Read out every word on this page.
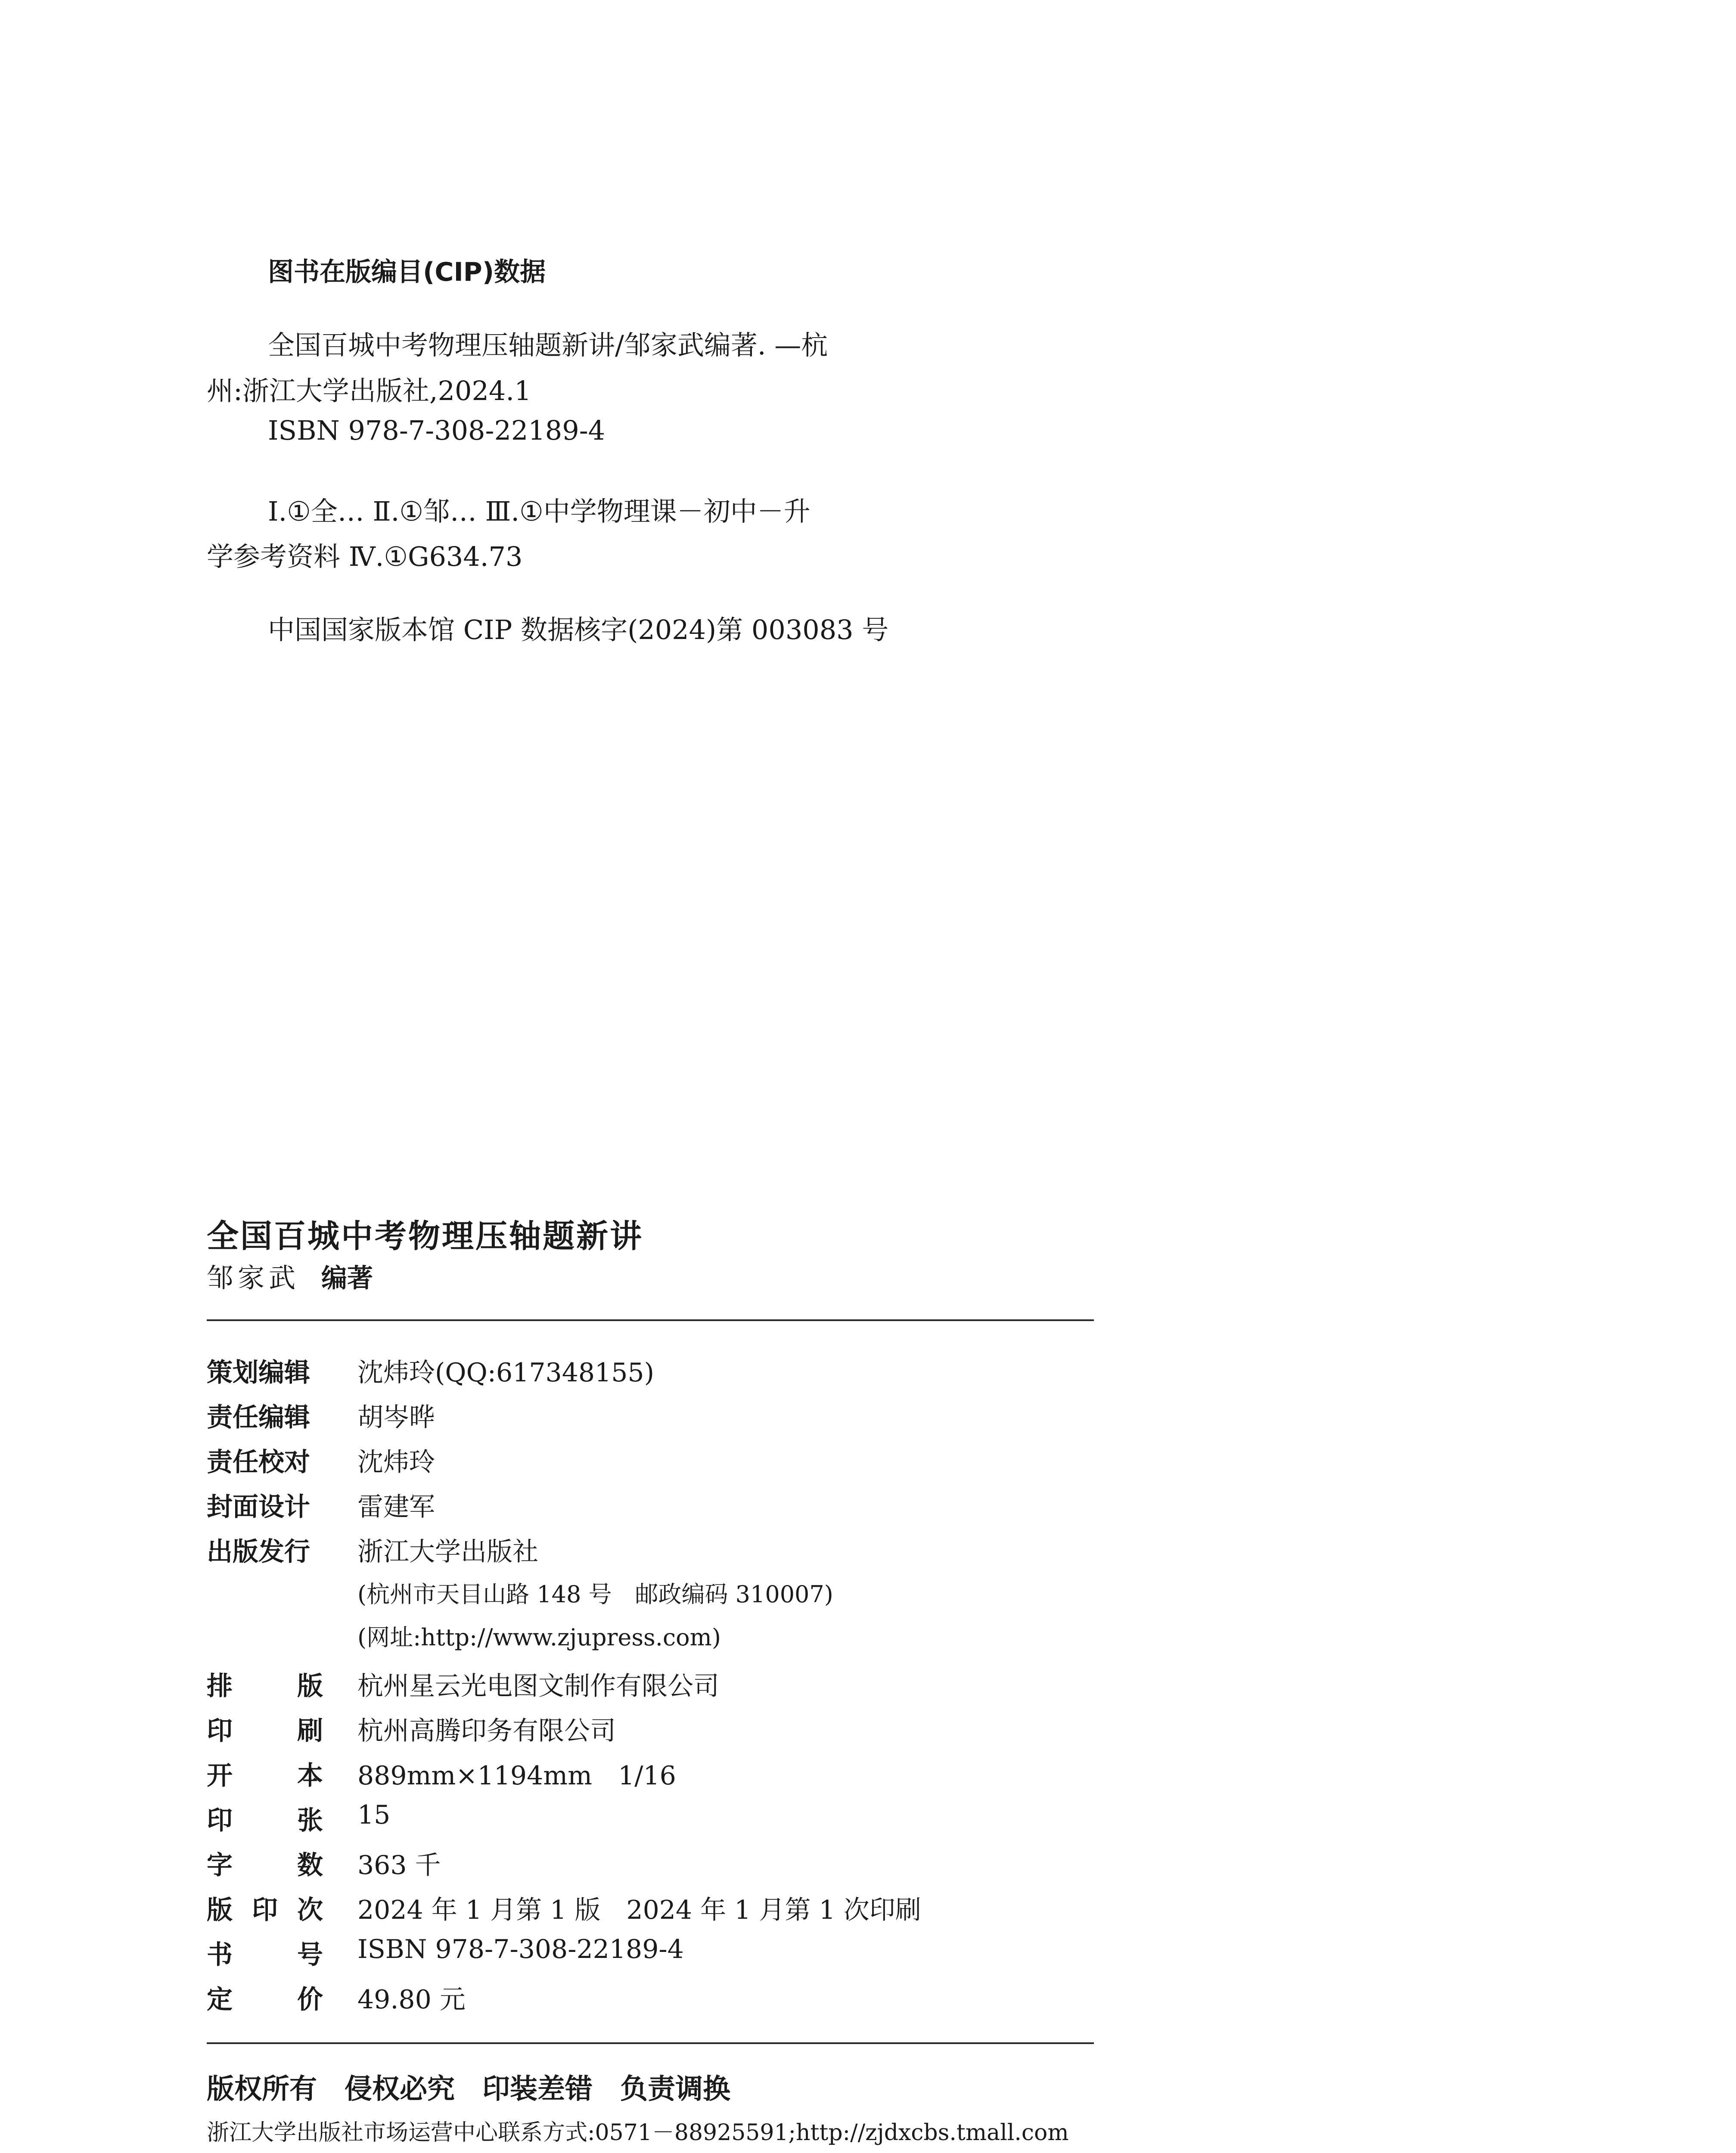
图书在版编目(CIP)数据
全国百城中考物理压轴题新讲/邹家武编著. —杭
州:浙江大学出版社,2024.1
ISBN 978-7-308-22189-4
Ⅰ.①全… Ⅱ.①邹… Ⅲ.①中学物理课－初中－升
学参考资料 Ⅳ.①G634.73
中国国家版本馆 CIP 数据核字(2024)第 003083 号
全国百城中考物理压轴题新讲
邹家武 编著
策划编辑	沈炜玲(QQ:617348155)
责任编辑	胡岑晔
责任校对	沈炜玲
封面设计	雷建军
出版发行	浙江大学出版社
(杭州市天目山路 148 号　邮政编码 310007)
(网址:http://www.zjupress.com)
排	版 杭州星云光电图文制作有限公司
印	刷 杭州高腾印务有限公司
开	本 889mm×1194mm　1/16
印	张 15
字	数 363 千
版 印 次 2024 年 1 月第 1 版　2024 年 1 月第 1 次印刷
书	号 ISBN 978-7-308-22189-4
定	价 49.80 元
版权所有　侵权必究　印装差错　负责调换
浙江大学出版社市场运营中心联系方式:0571－88925591;http://zjdxcbs.tmall.com
